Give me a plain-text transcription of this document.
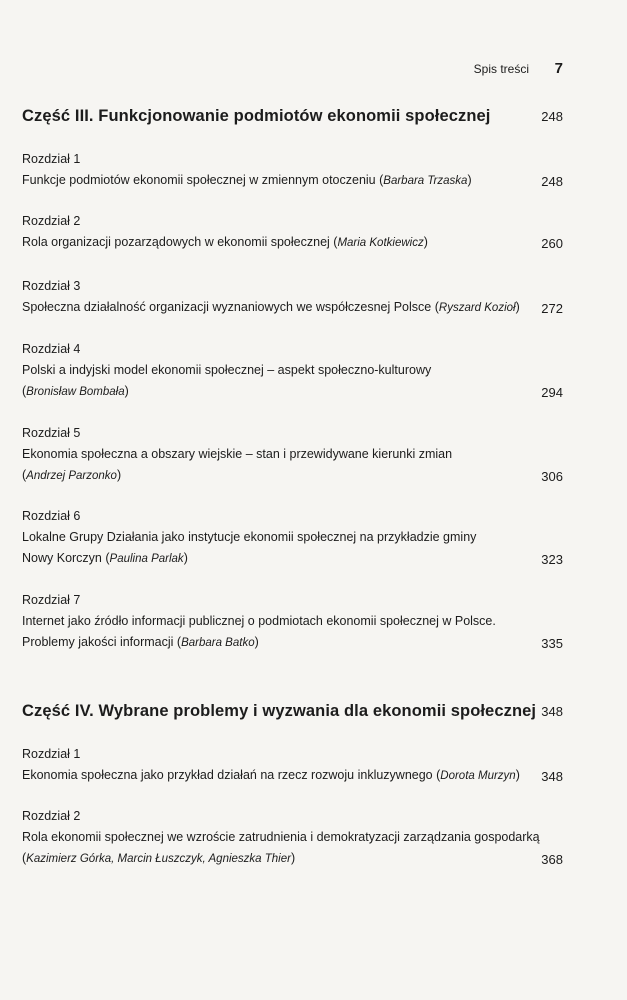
Spis treści 7
Część III. Funkcjonowanie podmiotów ekonomii społecznej	248
Rozdział 1
Funkcje podmiotów ekonomii społecznej w zmiennym otoczeniu (Barbara Trzaska)	248
Rozdział 2
Rola organizacji pozarządowych w ekonomii społecznej (Maria Kotkiewicz)	260
Rozdział 3
Społeczna działalność organizacji wyznaniowych we współczesnej Polsce (Ryszard Kozioł)	272
Rozdział 4
Polski a indyjski model ekonomii społecznej – aspekt społeczno-kulturowy
(Bronisław Bombała)	294
Rozdział 5
Ekonomia społeczna a obszary wiejskie – stan i przewidywane kierunki zmian
(Andrzej Parzonko)	306
Rozdział 6
Lokalne Grupy Działania jako instytucje ekonomii społecznej na przykładzie gminy
Nowy Korczyn (Paulina Parlak)	323
Rozdział 7
Internet jako źródło informacji publicznej o podmiotach ekonomii społecznej w Polsce.
Problemy jakości informacji (Barbara Batko)	335
Część IV. Wybrane problemy i wyzwania dla ekonomii społecznej 348
Rozdział 1
Ekonomia społeczna jako przykład działań na rzecz rozwoju inkluzywnego (Dorota Murzyn)	348
Rozdział 2
Rola ekonomii społecznej we wzroście zatrudnienia i demokratyzacji zarządzania gospodarką
(Kazimierz Górka, Marcin Łuszczyk, Agnieszka Thier)	368
